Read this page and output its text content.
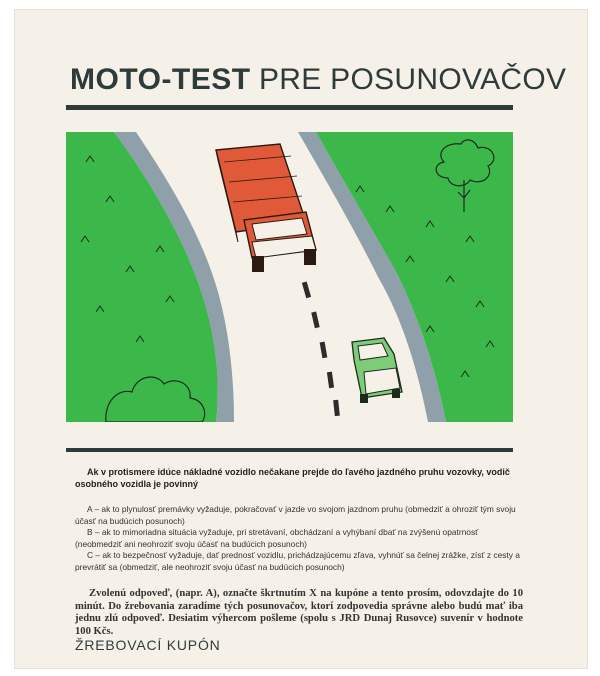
MOTO-TEST PRE POSUNOVAČOV
Ak v protismere idúce nákladné vozidlo nečakane prejde do ľavého jazdného pruhu vozovky, vodič osobného vozidla je povinný
A – ak to plynulosť premávky vyžaduje, pokračovať v jazde vo svojom jazdnom pruhu (obmedziť a ohroziť tým svoju účasť na budúcich posunoch)
B – ak to mimoriadna situácia vyžaduje, pri stretávaní, obchádzaní a vyhýbaní dbať na zvýšenú opatrnosť (neobmedziť ani neohroziť svoju účasť na budúcich posunoch)
C – ak to bezpečnosť vyžaduje, dať prednosť vozidlu, prichádzajúcemu zľava, vyhnúť sa čelnej zrážke, zísť z cesty a prevrátiť sa (obmedziť, ale neohroziť svoju účasť na budúcich posunoch)
Zvolenú odpoveď, (napr. A), označte škrtnutím X na kupóne a tento prosím, odovzdajte do 10 minút. Do žrebovania zaradíme tých posunovačov, ktorí zodpovedia správne alebo budú mať iba jednu zlú odpoveď. Desiatim výhercom pošleme (spolu s JRD Dunaj Rusovce) suvenír v hodnote 100 Kčs.
ŽREBOVACÍ KUPÓN
